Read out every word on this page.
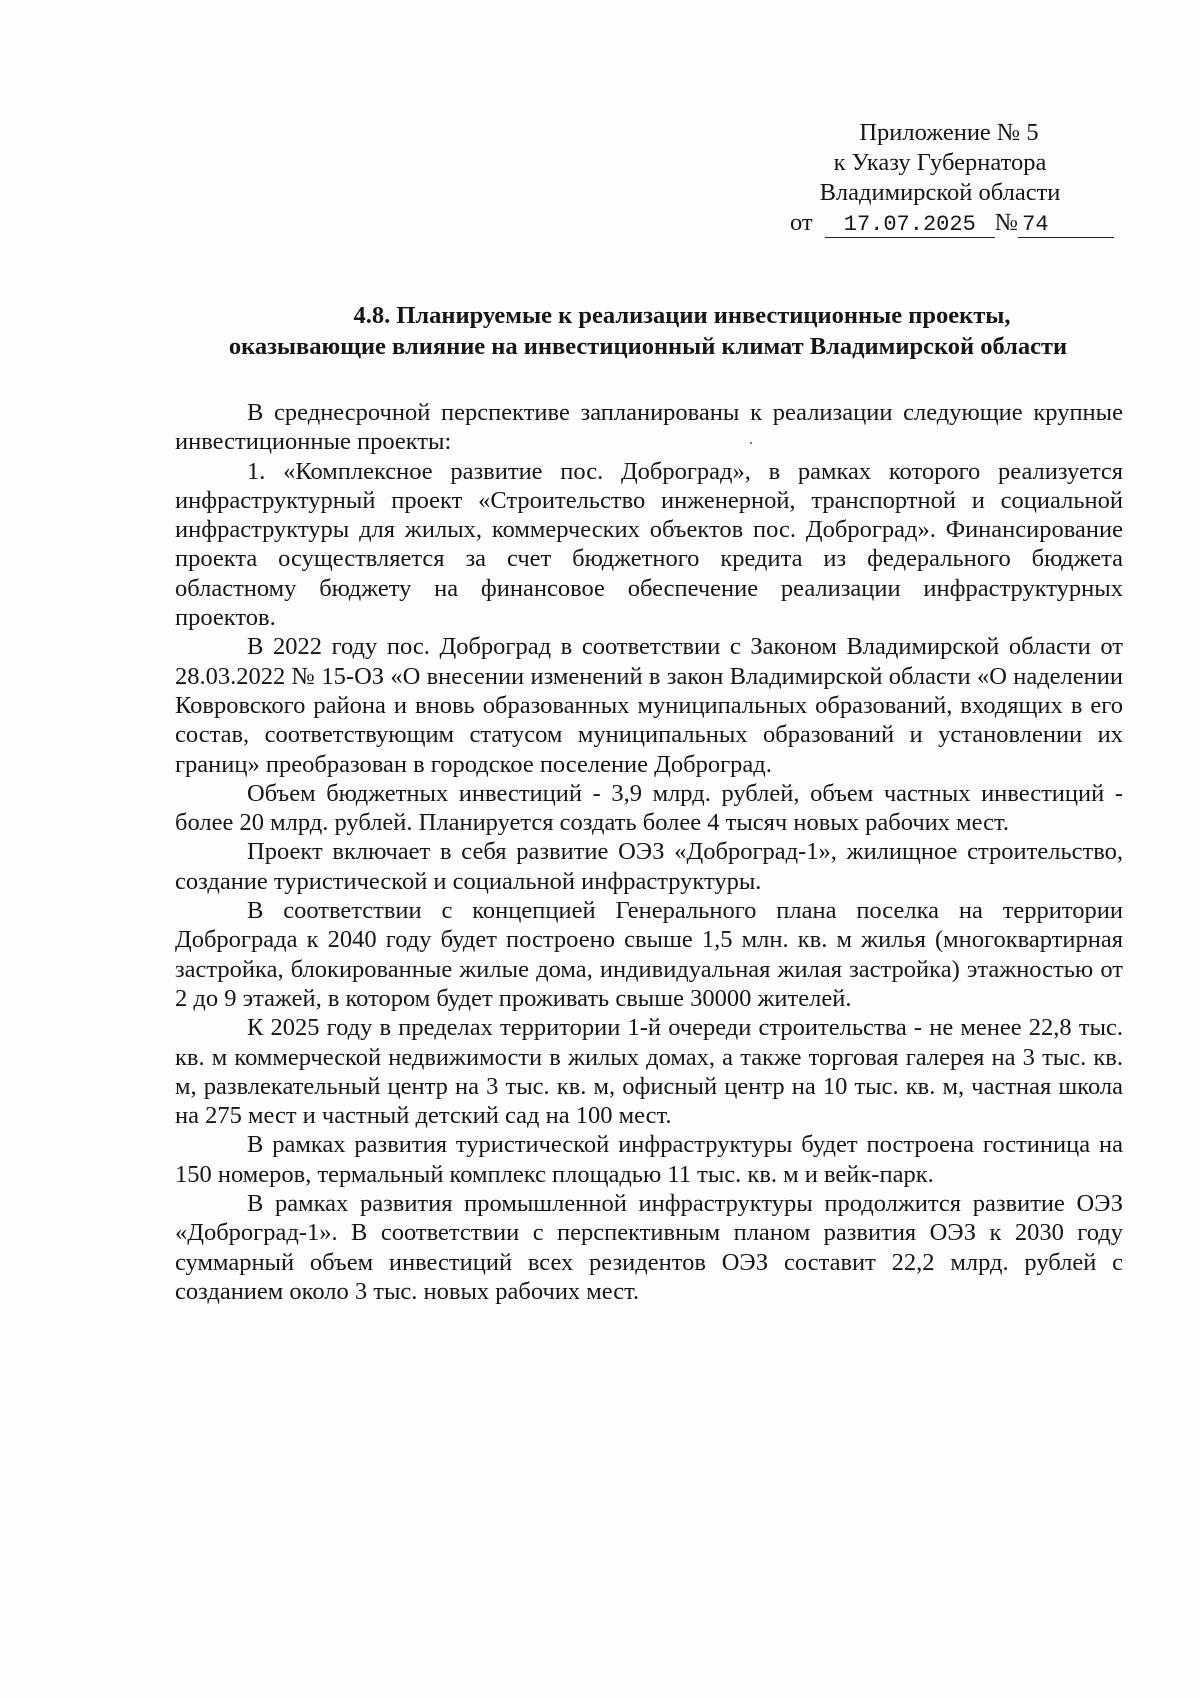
Приложение № 5
к Указу Губернатора
Владимирской области
от 17.07.2025 № 74
4.8. Планируемые к реализации инвестиционные проекты,
оказывающие влияние на инвестиционный климат Владимирской области

В среднесрочной перспективе запланированы к реализации следующие крупные инвестиционные проекты:

1. «Комплексное развитие пос. Доброград», в рамках которого реализуется инфраструктурный проект «Строительство инженерной, транспортной и социальной инфраструктуры для жилых, коммерческих объектов пос. Доброград». Финансирование проекта осуществляется за счет бюджетного кредита из федерального бюджета областному бюджету на финансовое обеспечение реализации инфраструктурных проектов.

В 2022 году пос. Доброград в соответствии с Законом Владимирской области от 28.03.2022 № 15-ОЗ «О внесении изменений в закон Владимирской области «О наделении Ковровского района и вновь образованных муниципальных образований, входящих в его состав, соответствующим статусом муниципальных образований и установлении их границ» преобразован в городское поселение Доброград.

Объем бюджетных инвестиций - 3,9 млрд. рублей, объем частных инвестиций - более 20 млрд. рублей. Планируется создать более 4 тысяч новых рабочих мест.

Проект включает в себя развитие ОЭЗ «Доброград-1», жилищное строительство, создание туристической и социальной инфраструктуры.

В соответствии с концепцией Генерального плана поселка на территории Доброграда к 2040 году будет построено свыше 1,5 млн. кв. м жилья (многоквартирная застройка, блокированные жилые дома, индивидуальная жилая застройка) этажностью от 2 до 9 этажей, в котором будет проживать свыше 30000 жителей.

К 2025 году в пределах территории 1-й очереди строительства - не менее 22,8 тыс. кв. м коммерческой недвижимости в жилых домах, а также торговая галерея на 3 тыс. кв. м, развлекательный центр на 3 тыс. кв. м, офисный центр на 10 тыс. кв. м, частная школа на 275 мест и частный детский сад на 100 мест.

В рамках развития туристической инфраструктуры будет построена гостиница на 150 номеров, термальный комплекс площадью 11 тыс. кв. м и вейк-парк.

В рамках развития промышленной инфраструктуры продолжится развитие ОЭЗ «Доброград-1». В соответствии с перспективным планом развития ОЭЗ к 2030 году суммарный объем инвестиций всех резидентов ОЭЗ составит 22,2 млрд. рублей с созданием около 3 тыс. новых рабочих мест.
